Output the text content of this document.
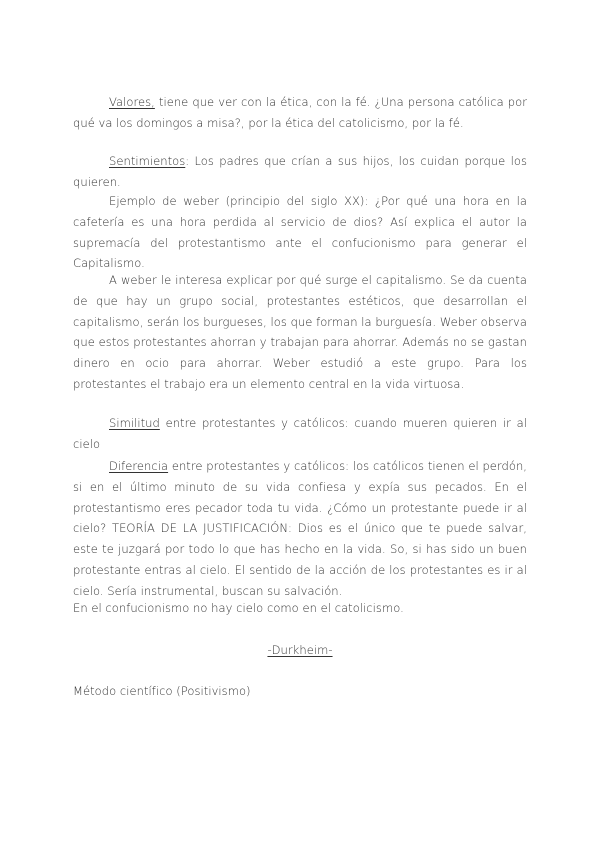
Valores, tiene que ver con la ética, con la fé. ¿Una persona católica por qué va los domingos a misa?, por la ética del catolicismo, por la fé.

Sentimientos: Los padres que crían a sus hijos, los cuidan porque los quieren.

Ejemplo de weber (principio del siglo XX): ¿Por qué una hora en la cafetería es una hora perdida al servicio de dios? Así explica el autor la supremacía del protestantismo ante el confucionismo para generar el Capitalismo.

A weber le interesa explicar por qué surge el capitalismo. Se da cuenta de que hay un grupo social, protestantes estéticos, que desarrollan el capitalismo, serán los burgueses, los que forman la burguesía. Weber observa que estos protestantes ahorran y trabajan para ahorrar. Además no se gastan dinero en ocio para ahorrar. Weber estudió a este grupo. Para los protestantes el trabajo era un elemento central en la vida virtuosa.

Similitud entre protestantes y católicos: cuando mueren quieren ir al cielo

Diferencia entre protestantes y católicos: los católicos tienen el perdón, si en el último minuto de su vida confiesa y expía sus pecados. En el protestantismo eres pecador toda tu vida. ¿Cómo un protestante puede ir al cielo? TEORÍA DE LA JUSTIFICACIÓN: Dios es el único que te puede salvar, este te juzgará por todo lo que has hecho en la vida. So, si has sido un buen protestante entras al cielo. El sentido de la acción de los protestantes es ir al cielo. Sería instrumental, buscan su salvación.

En el confucionismo no hay cielo como en el catolicismo.

-Durkheim-

Método científico (Positivismo)
